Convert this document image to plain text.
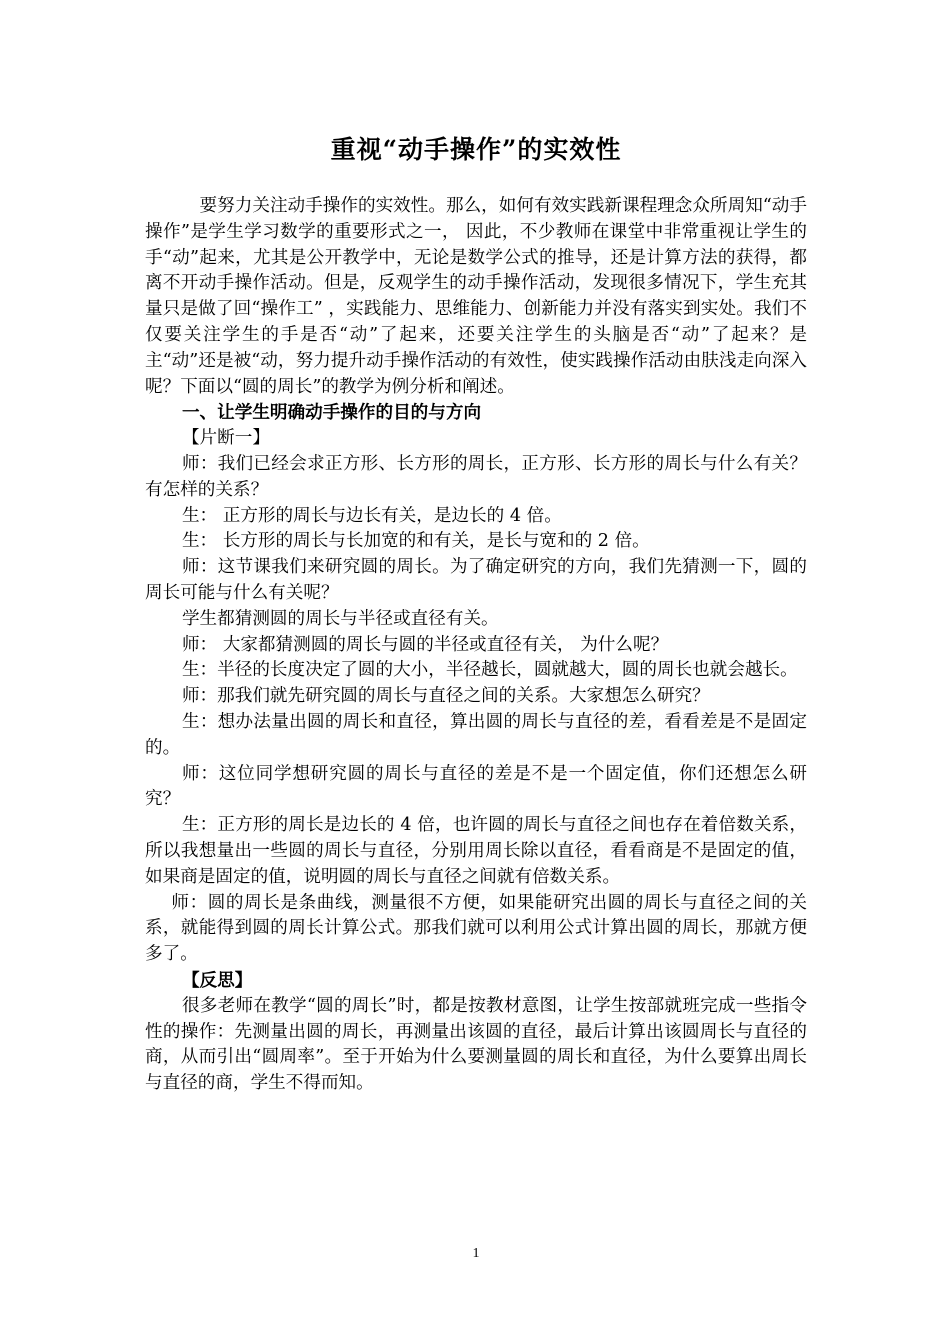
重视“动手操作”的实效性

要努力关注动手操作的实效性。那么，如何有效实践新课程理念众所周知“动手操作”是学生学习数学的重要形式之一， 因此，不少教师在课堂中非常重视让学生的手“动”起来，尤其是公开教学中，无论是数学公式的推导，还是计算方法的获得，都离不开动手操作活动。但是，反观学生的动手操作活动，发现很多情况下，学生充其量只是做了回“操作工” ，实践能力、思维能力、创新能力并没有落实到实处。我们不仅要关注学生的手是否“动”了起来，还要关注学生的头脑是否“动”了起来？是主“动”还是被“动，努力提升动手操作活动的有效性，使实践操作活动由肤浅走向深入呢？下面以“圆的周长”的教学为例分析和阐述。

一、让学生明确动手操作的目的与方向

【片断一】

师：我们已经会求正方形、长方形的周长，正方形、长方形的周长与什么有关？有怎样的关系？

生： 正方形的周长与边长有关，是边长的 4 倍。

生： 长方形的周长与长加宽的和有关，是长与宽和的 2 倍。

师：这节课我们来研究圆的周长。为了确定研究的方向，我们先猜测一下，圆的周长可能与什么有关呢？

学生都猜测圆的周长与半径或直径有关。

师： 大家都猜测圆的周长与圆的半径或直径有关， 为什么呢？

生：半径的长度决定了圆的大小，半径越长，圆就越大，圆的周长也就会越长。

师：那我们就先研究圆的周长与直径之间的关系。大家想怎么研究？

生：想办法量出圆的周长和直径，算出圆的周长与直径的差，看看差是不是固定的。

师：这位同学想研究圆的周长与直径的差是不是一个固定值，你们还想怎么研究？

生：正方形的周长是边长的 4 倍，也许圆的周长与直径之间也存在着倍数关系，所以我想量出一些圆的周长与直径，分别用周长除以直径，看看商是不是固定的值，如果商是固定的值，说明圆的周长与直径之间就有倍数关系。

师：圆的周长是条曲线，测量很不方便，如果能研究出圆的周长与直径之间的关系，就能得到圆的周长计算公式。那我们就可以利用公式计算出圆的周长，那就方便多了。

【反思】

很多老师在教学“圆的周长”时，都是按教材意图，让学生按部就班完成一些指令性的操作：先测量出圆的周长，再测量出该圆的直径，最后计算出该圆周长与直径的商，从而引出“圆周率”。至于开始为什么要测量圆的周长和直径，为什么要算出周长与直径的商，学生不得而知。

1
